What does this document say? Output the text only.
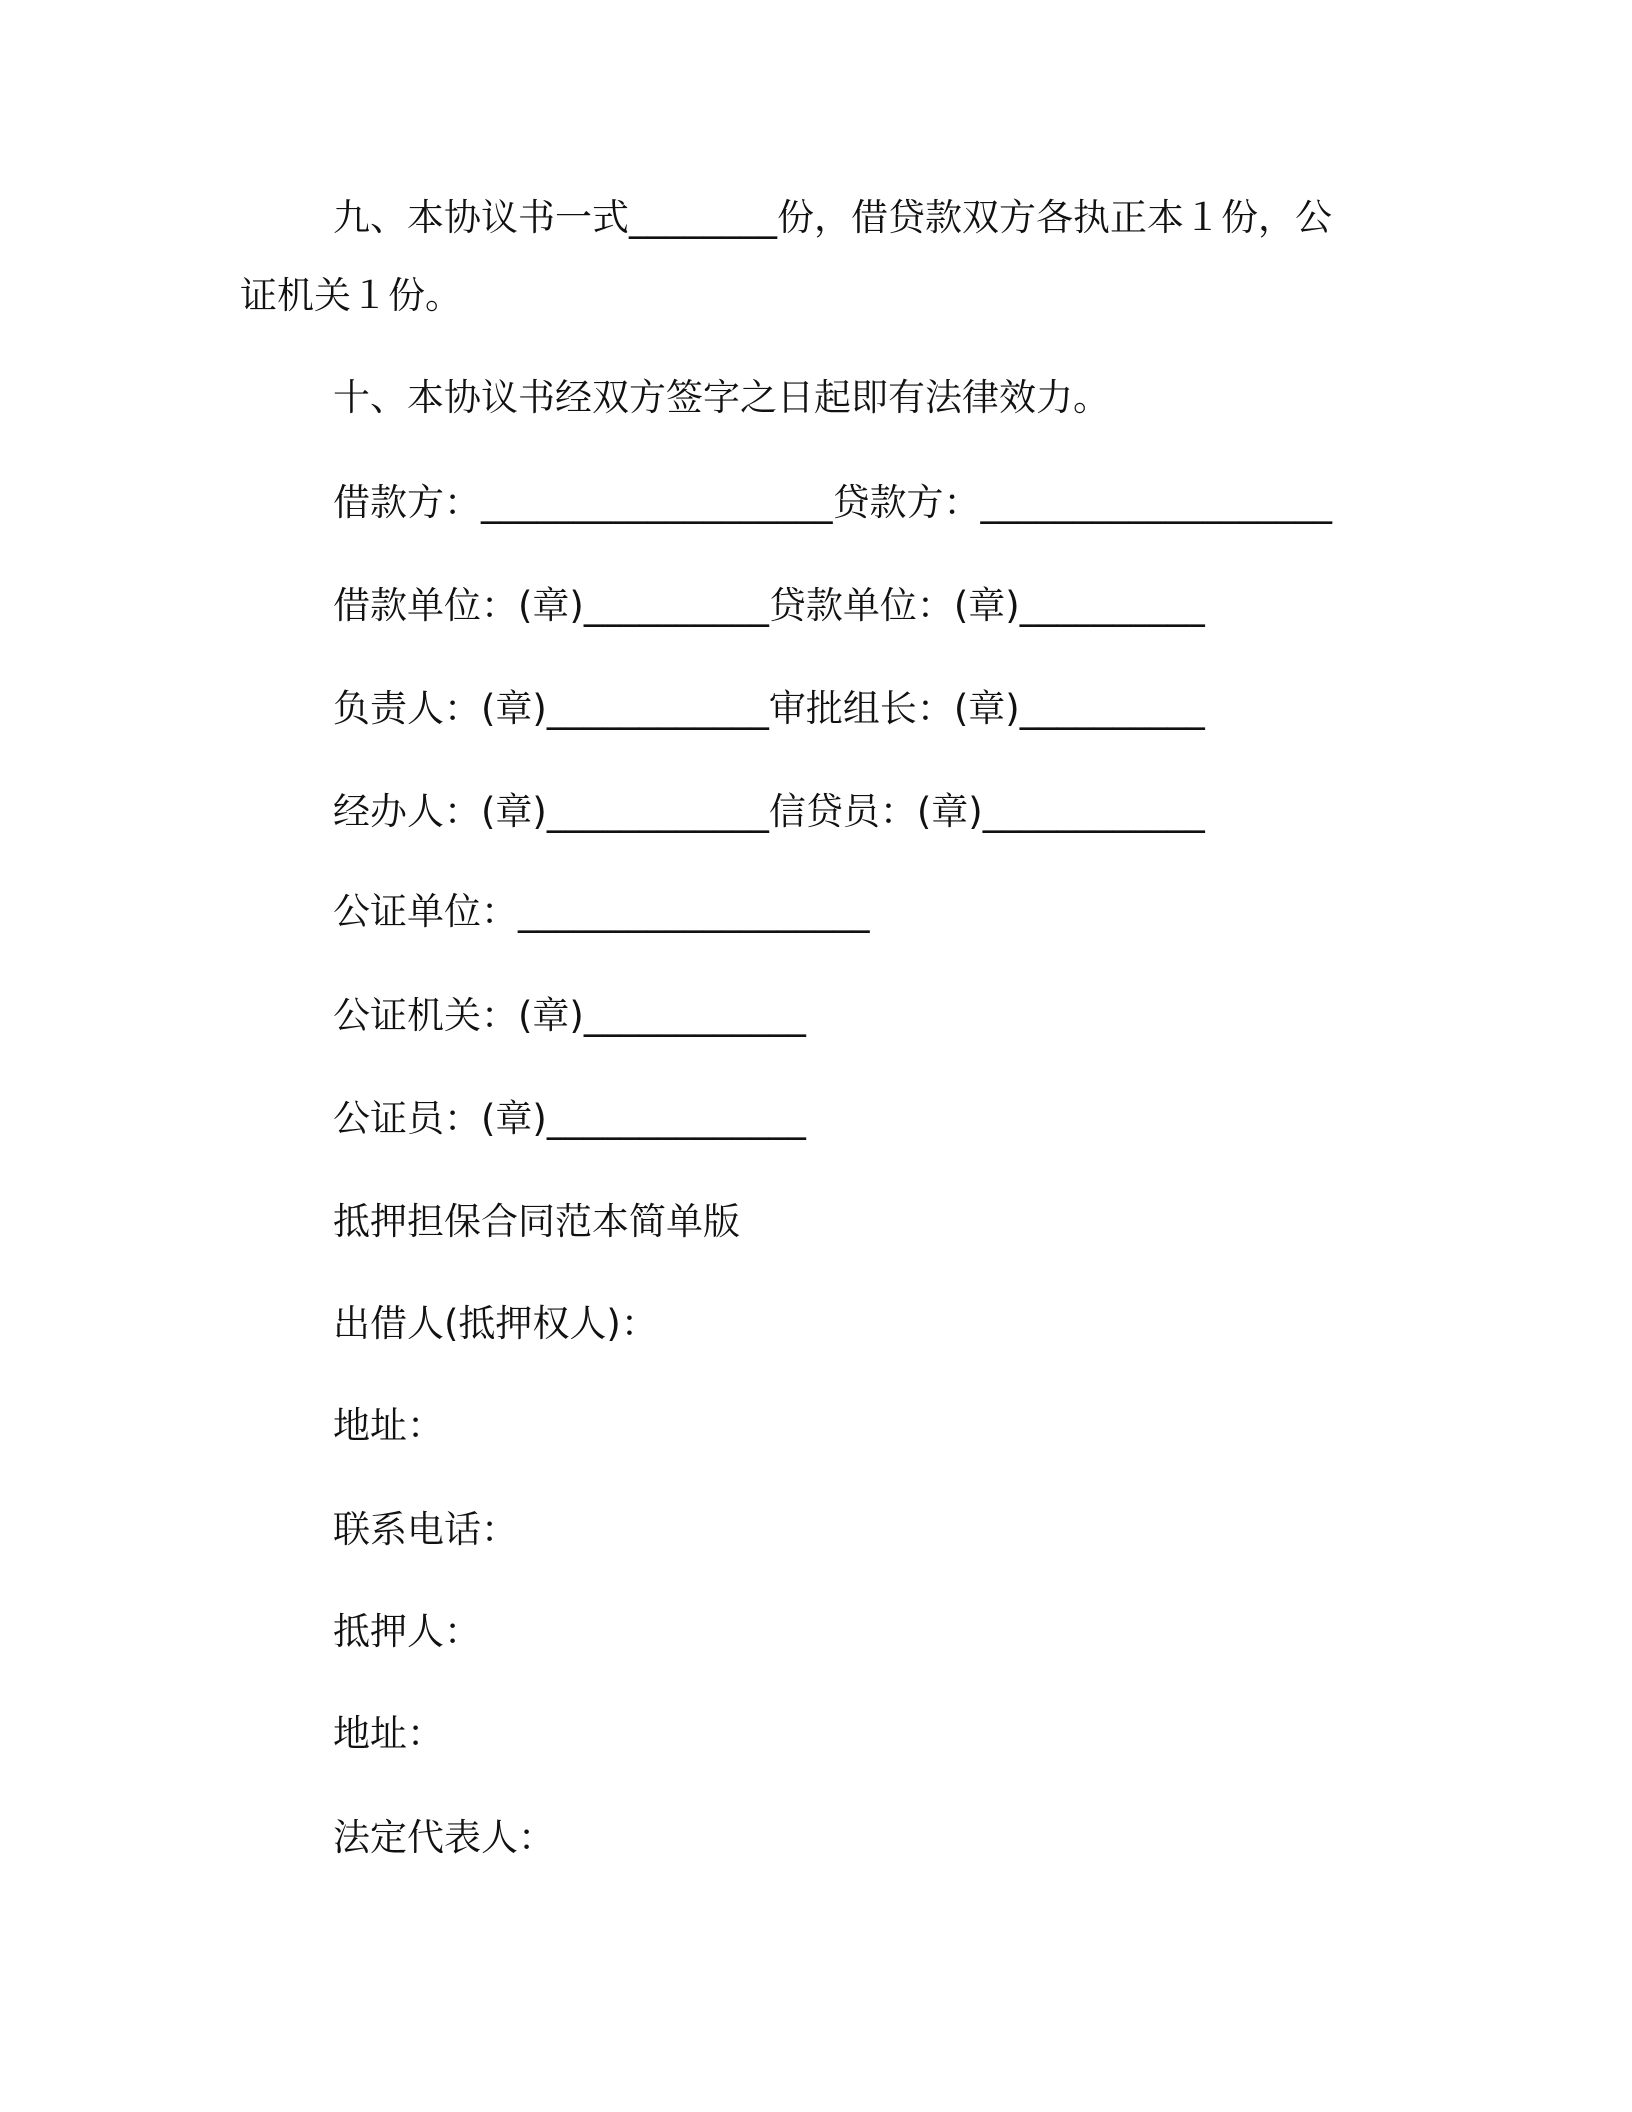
九、本协议书一式________份，借贷款双方各执正本１份，公
证机关１份。
十、本协议书经双方签字之日起即有法律效力。
借款方：___________________贷款方：___________________
借款单位：(章)__________贷款单位：(章)__________
负责人：(章)____________审批组长：(章)__________
经办人：(章)____________信贷员：(章)____________
公证单位：___________________
公证机关：(章)____________
公证员：(章)______________
抵押担保合同范本简单版
出借人(抵押权人)：
地址：
联系电话：
抵押人：
地址：
法定代表人：
